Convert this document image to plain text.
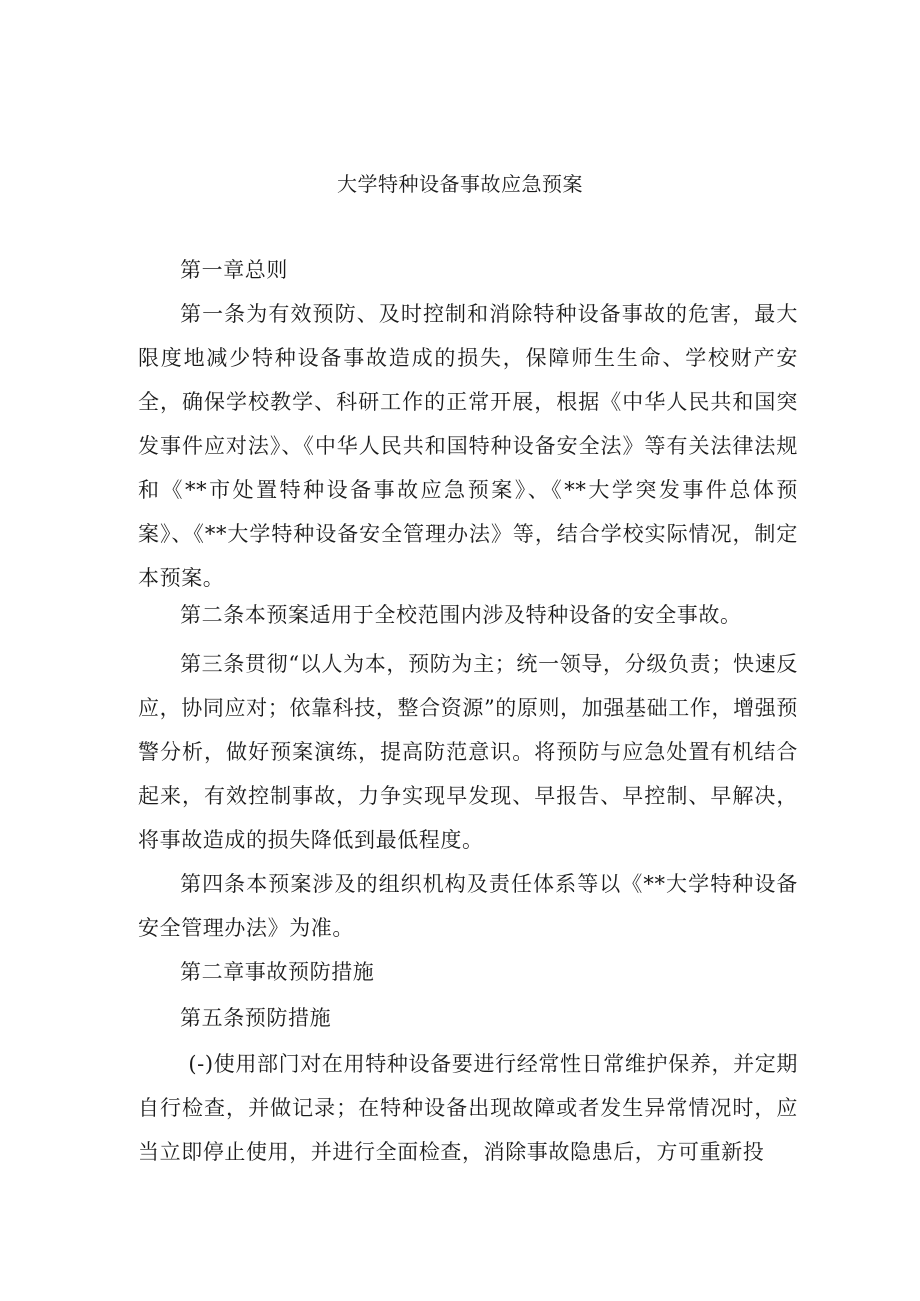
大学特种设备事故应急预案

第一章总则

第一条为有效预防、及时控制和消除特种设备事故的危害，最大限度地减少特种设备事故造成的损失，保障师生生命、学校财产安全，确保学校教学、科研工作的正常开展，根据《中华人民共和国突发事件应对法》、《中华人民共和国特种设备安全法》等有关法律法规和《**市处置特种设备事故应急预案》、《**大学突发事件总体预案》、《**大学特种设备安全管理办法》等，结合学校实际情况，制定本预案。

第二条本预案适用于全校范围内涉及特种设备的安全事故。

第三条贯彻“以人为本，预防为主；统一领导，分级负责；快速反应，协同应对；依靠科技，整合资源”的原则，加强基础工作，增强预警分析，做好预案演练，提高防范意识。将预防与应急处置有机结合起来，有效控制事故，力争实现早发现、早报告、早控制、早解决，将事故造成的损失降低到最低程度。

第四条本预案涉及的组织机构及责任体系等以《**大学特种设备安全管理办法》为准。

第二章事故预防措施

第五条预防措施

(-)使用部门对在用特种设备要进行经常性日常维护保养，并定期自行检查，并做记录；在特种设备出现故障或者发生异常情况时，应当立即停止使用，并进行全面检查，消除事故隐患后，方可重新投
